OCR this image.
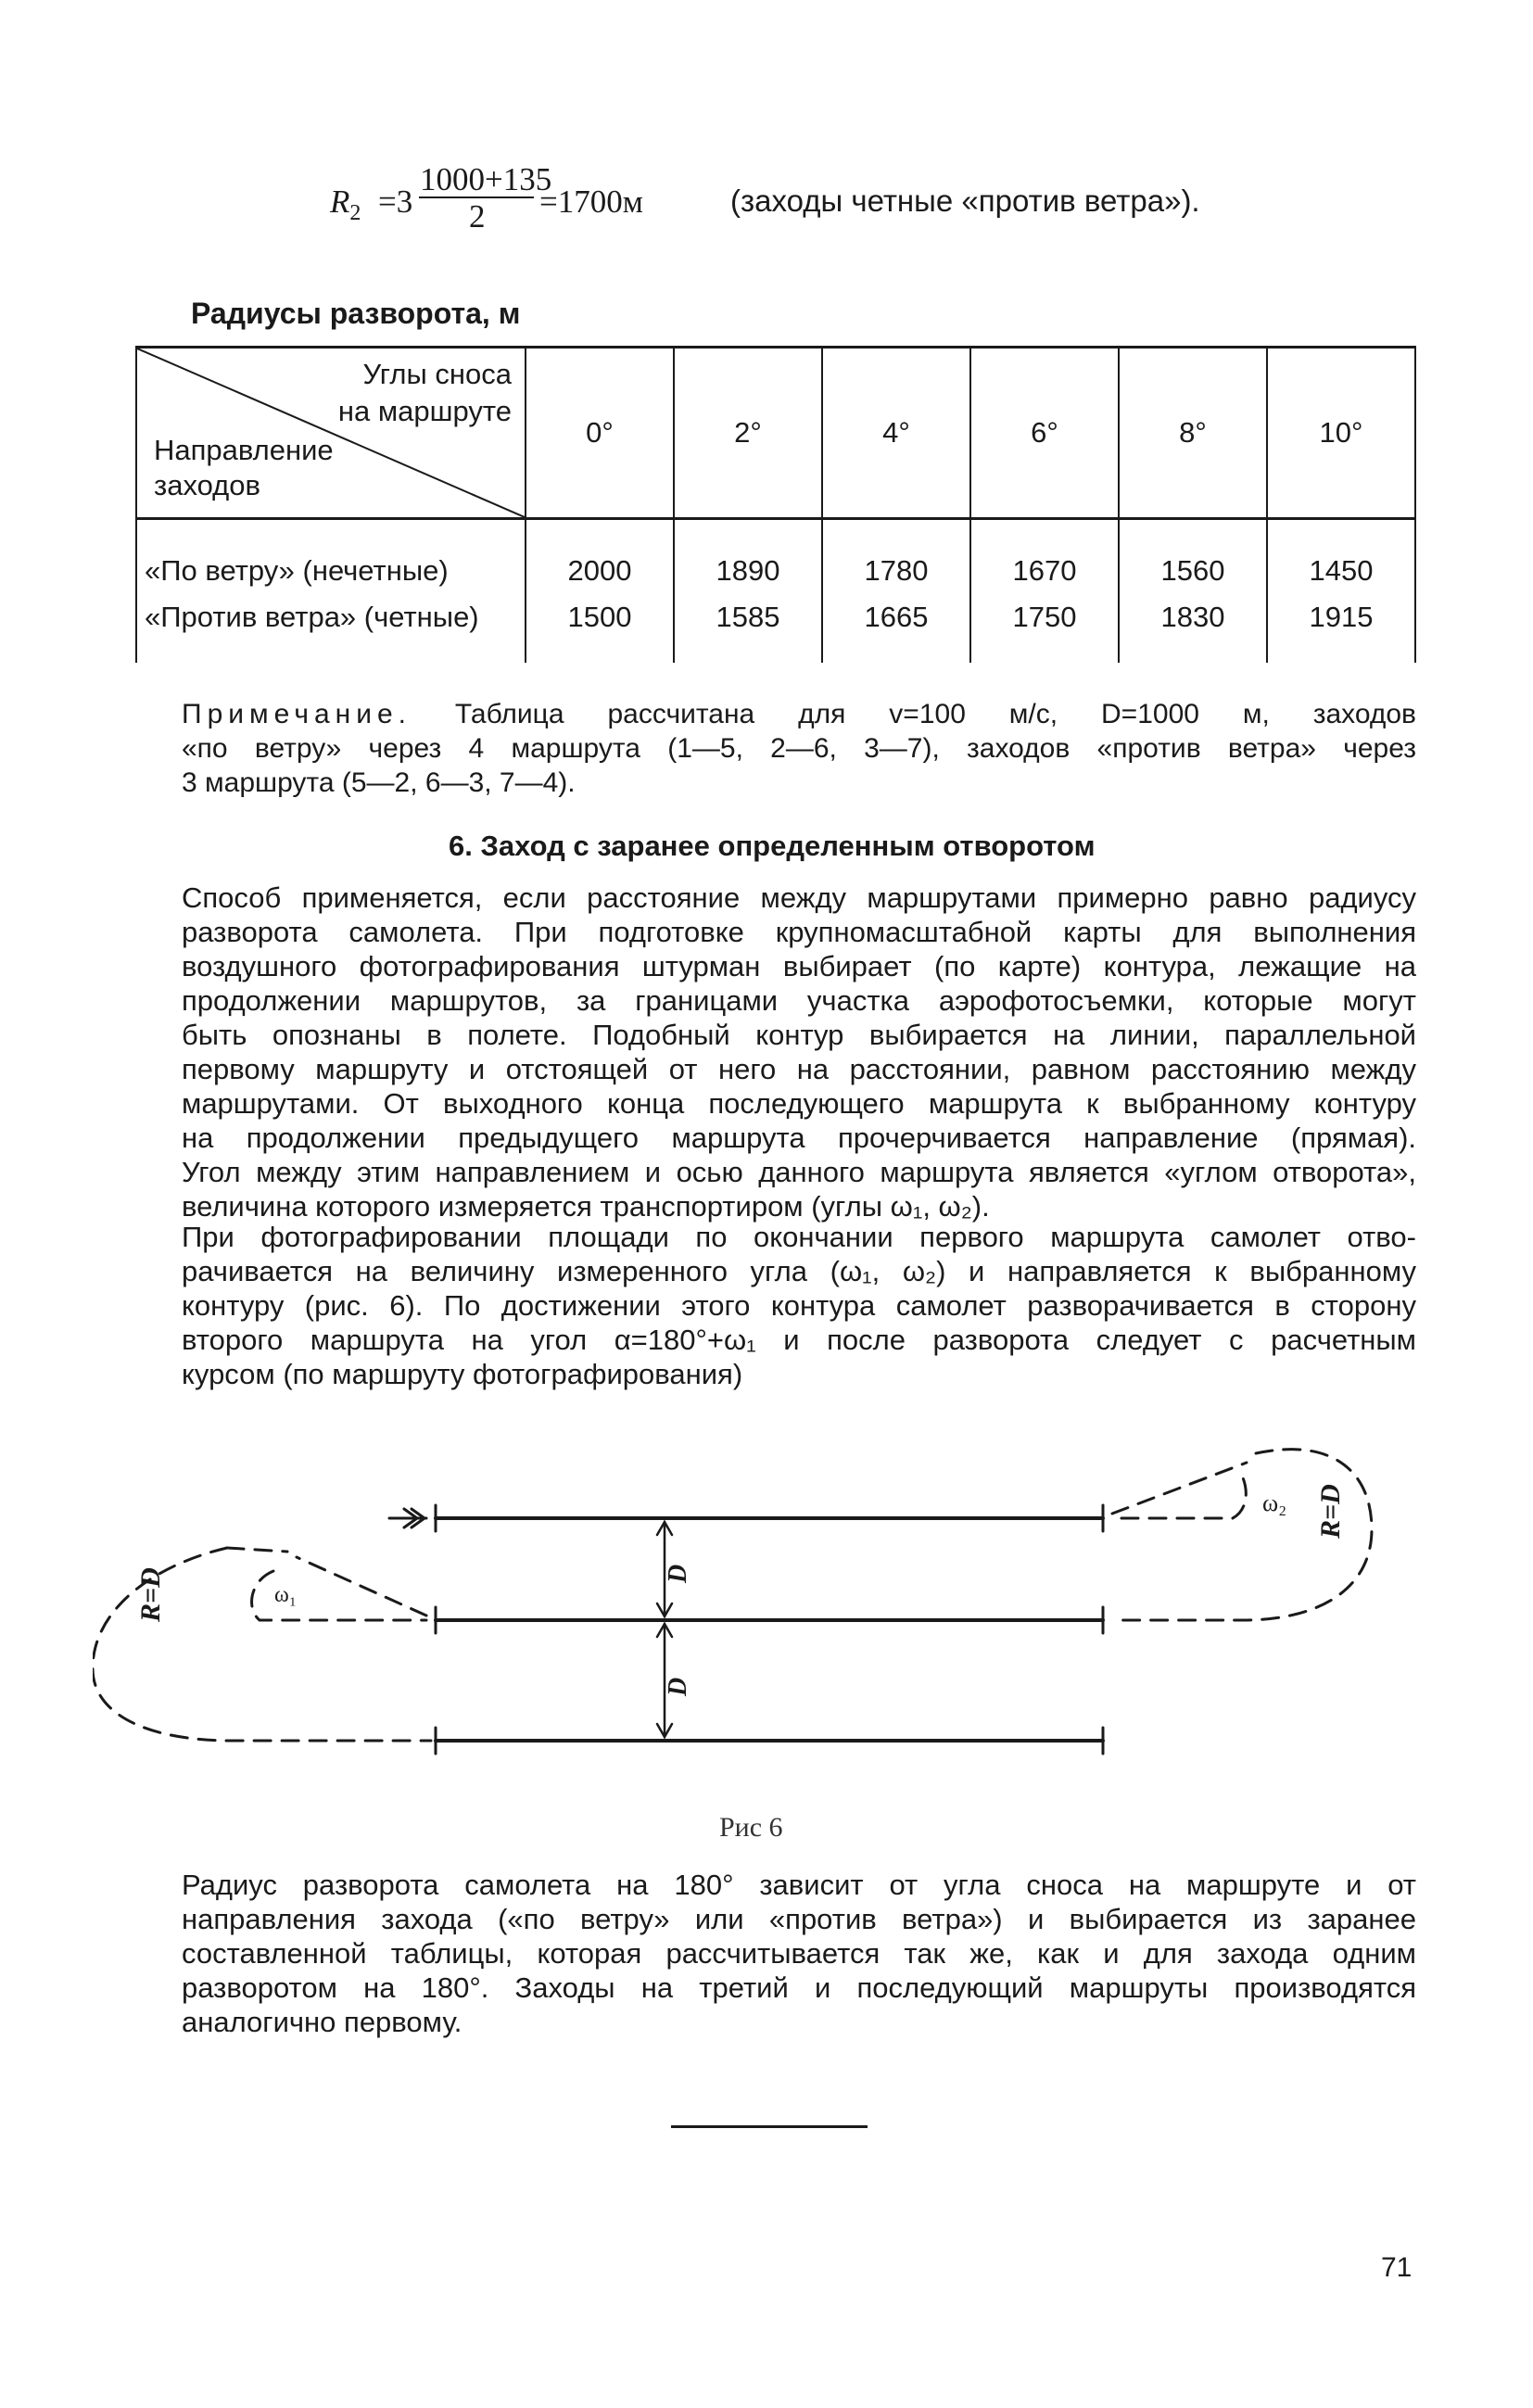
$R_2 =3$
1000+135
2 =1700м	(заходы четные «против ветра»).
Радиусы разворота, м
Углы сноса
на маршруте
Направление
заходов	0°	2°	4°	6°	8°	10°

«По ветру» (нечетные)	2000	1890	1780	1670	1560	1450
«Против ветра» (четные)	1500	1585	1665	1750	1830	1915

Примечание. Таблица рассчитана для v=100 м/с, D=1000 м, заходов
«по ветру» через 4 маршрута (1—5, 2—6, 3—7), заходов «против ветра» через
3 маршрута (5—2, 6—3, 7—4).
6. Заход с заранее определенным отворотом
Способ применяется, если расстояние между маршрутами примерно равно радиусу
разворота самолета. При подготовке крупномасштабной карты для выполнения
воздушного фотографирования штурман выбирает (по карте) контура, лежащие на
продолжении маршрутов, за границами участка аэрофотосъемки, которые могут
быть опознаны в полете. Подобный контур выбирается на линии, параллельной
первому маршруту и отстоящей от него на расстоянии, равном расстоянию между
маршрутами. От выходного конца последующего маршрута к выбранному контуру
на продолжении предыдущего маршрута прочерчивается направление (прямая).
Угол между этим направлением и осью данного маршрута является «углом отворота»,
величина которого измеряется транспортиром (углы ω₁, ω₂).
При фотографировании площади по окончании первого маршрута самолет отво-
рачивается на величину измеренного угла (ω₁, ω₂) и направляется к выбранному
контуру (рис. 6). По достижении этого контура самолет разворачивается в сторону
второго маршрута на угол α=180°+ω₁ и после разворота следует с расчетным
курсом (по маршруту фотографирования)
R=D
R=D
D
D
ω₁
ω₂
Рис 6
Радиус разворота самолета на 180° зависит от угла сноса на маршруте и от
направления захода («по ветру» или «против ветра») и выбирается из заранее
составленной таблицы, которая рассчитывается так же, как и для захода одним
разворотом на 180°. Заходы на третий и последующий маршруты производятся
аналогично первому.
71
